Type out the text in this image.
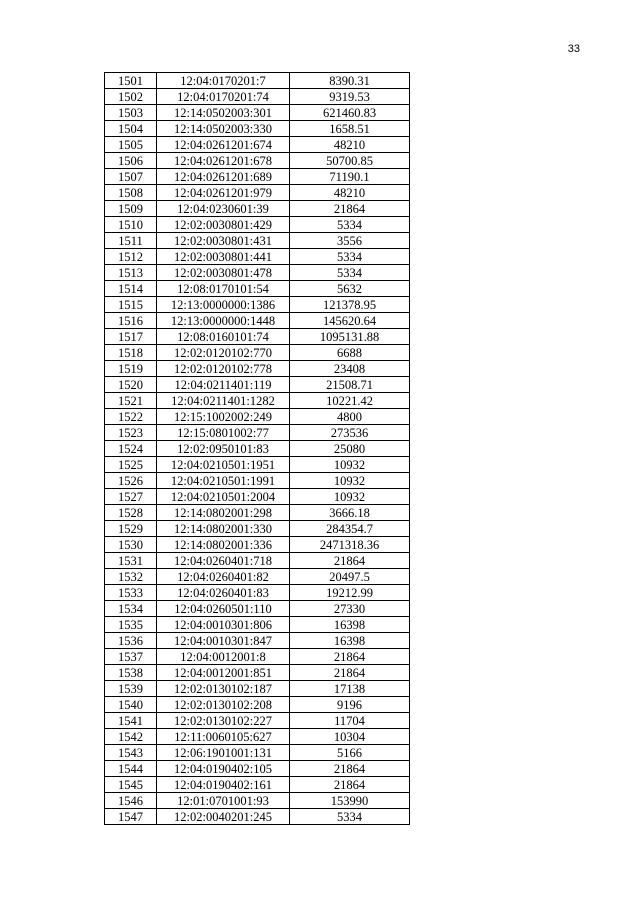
33
1501	12:04:0170201:7	8390.31
1502	12:04:0170201:74	9319.53
1503	12:14:0502003:301	621460.83
1504	12:14:0502003:330	1658.51
1505	12:04:0261201:674	48210
1506	12:04:0261201:678	50700.85
1507	12:04:0261201:689	71190.1
1508	12:04:0261201:979	48210
1509	12:04:0230601:39	21864
1510	12:02:0030801:429	5334
1511	12:02:0030801:431	3556
1512	12:02:0030801:441	5334
1513	12:02:0030801:478	5334
1514	12:08:0170101:54	5632
1515	12:13:0000000:1386	121378.95
1516	12:13:0000000:1448	145620.64
1517	12:08:0160101:74	1095131.88
1518	12:02:0120102:770	6688
1519	12:02:0120102:778	23408
1520	12:04:0211401:119	21508.71
1521	12:04:0211401:1282	10221.42
1522	12:15:1002002:249	4800
1523	12:15:0801002:77	273536
1524	12:02:0950101:83	25080
1525	12:04:0210501:1951	10932
1526	12:04:0210501:1991	10932
1527	12:04:0210501:2004	10932
1528	12:14:0802001:298	3666.18
1529	12:14:0802001:330	284354.7
1530	12:14:0802001:336	2471318.36
1531	12:04:0260401:718	21864
1532	12:04:0260401:82	20497.5
1533	12:04:0260401:83	19212.99
1534	12:04:0260501:110	27330
1535	12:04:0010301:806	16398
1536	12:04:0010301:847	16398
1537	12:04:0012001:8	21864
1538	12:04:0012001:851	21864
1539	12:02:0130102:187	17138
1540	12:02:0130102:208	9196
1541	12:02:0130102:227	11704
1542	12:11:0060105:627	10304
1543	12:06:1901001:131	5166
1544	12:04:0190402:105	21864
1545	12:04:0190402:161	21864
1546	12:01:0701001:93	153990
1547	12:02:0040201:245	5334
